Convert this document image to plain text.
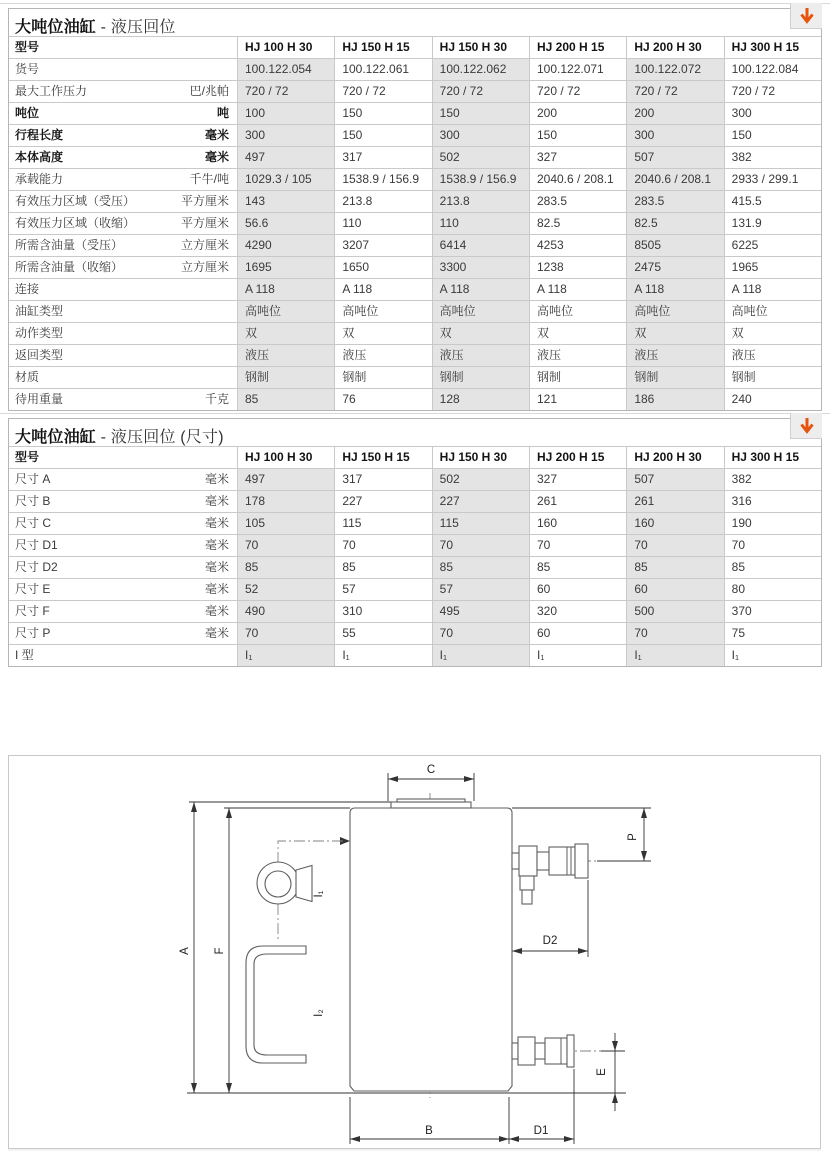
大吨位油缸 - 液压回位
型号	HJ 100 H 30	HJ 150 H 15	HJ 150 H 30	HJ 200 H 15	HJ 200 H 30	HJ 300 H 15
货号	100.122.054	100.122.061	100.122.062	100.122.071	100.122.072	100.122.084
最大工作压力	巴/兆帕	720 / 72	720 / 72	720 / 72	720 / 72	720 / 72	720 / 72
吨位	吨	100	150	150	200	200	300
行程长度	毫米	300	150	300	150	300	150
本体高度	毫米	497	317	502	327	507	382
承载能力	千牛/吨	1029.3 / 105	1538.9 / 156.9	1538.9 / 156.9	2040.6 / 208.1	2040.6 / 208.1	2933 / 299.1
有效压力区域（受压）	平方厘米	143	213.8	213.8	283.5	283.5	415.5
有效压力区域（收缩）	平方厘米	56.6	110	110	82.5	82.5	131.9
所需含油量（受压）	立方厘米	4290	3207	6414	4253	8505	6225
所需含油量（收缩）	立方厘米	1695	1650	3300	1238	2475	1965
连接	A 118	A 118	A 118	A 118	A 118	A 118
油缸类型	高吨位	高吨位	高吨位	高吨位	高吨位	高吨位
动作类型	双	双	双	双	双	双
返回类型	液压	液压	液压	液压	液压	液压
材质	钢制	钢制	钢制	钢制	钢制	钢制
待用重量	千克	85	76	128	121	186	240
大吨位油缸 - 液压回位 (尺寸)
型号	HJ 100 H 30	HJ 150 H 15	HJ 150 H 30	HJ 200 H 15	HJ 200 H 30	HJ 300 H 15
尺寸 A	毫米	497	317	502	327	507	382
尺寸 B	毫米	178	227	227	261	261	316
尺寸 C	毫米	105	115	115	160	160	190
尺寸 D1	毫米	70	70	70	70	70	70
尺寸 D2	毫米	85	85	85	85	85	85
尺寸 E	毫米	52	57	57	60	60	80
尺寸 F	毫米	490	310	495	320	500	370
尺寸 P	毫米	70	55	70	60	70	75
I 型	I₁	I₁	I₁	I₁	I₁	I₁
A F
C
P
D2
E
B	D1
I₁
I₂
